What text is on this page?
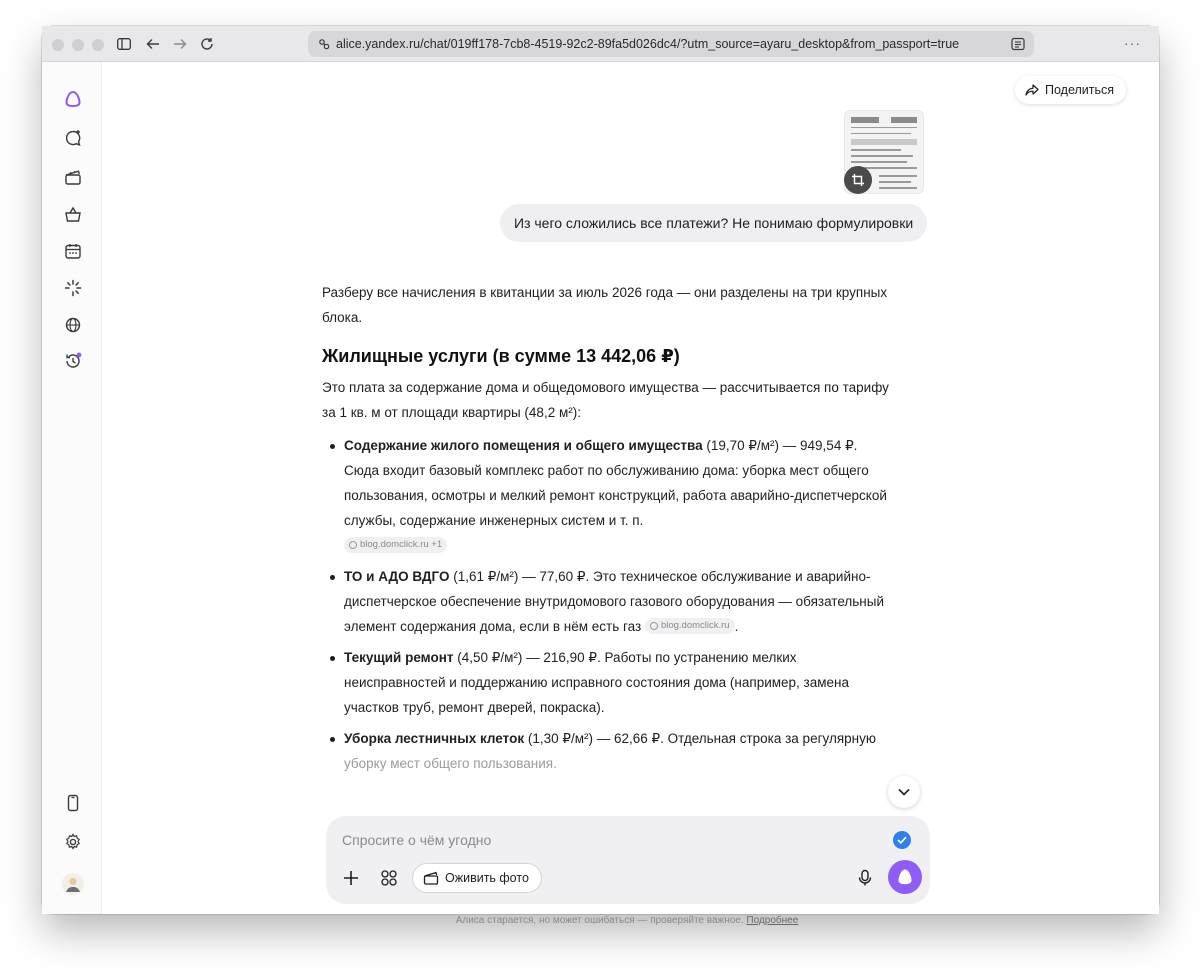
alice.yandex.ru/chat/019ff178-7cb8-4519-92c2-89fa5d026dc4/?utm_source=ayaru_desktop&from_passport=true	···
Поделиться
Из чего сложились все платежи? Не понимаю формулировки

Разберу все начисления в квитанции за июль 2026 года — они разделены на три крупных блока.

Жилищные услуги (в сумме 13 442,06 ₽)

Это плата за содержание дома и общедомового имущества — рассчитывается по тарифу за 1 кв. м от площади квартиры (48,2 м²):

Содержание жилого помещения и общего имущества (19,70 ₽/м²) — 949,54 ₽. Сюда входит базовый комплекс работ по обслуживанию дома: уборка мест общего пользования, осмотры и мелкий ремонт конструкций, работа аварийно-диспетчерской службы, содержание инженерных систем и т. п.

blog.domclick.ru +1
ТО и АДО ВДГО (1,61 ₽/м²) — 77,60 ₽. Это техническое обслуживание и аварийно-диспетчерское обеспечение внутридомового газового оборудования — обязательный элемент содержания дома, если в нём есть газ blog.domclick.ru .
Текущий ремонт (4,50 ₽/м²) — 216,90 ₽. Работы по устранению мелких неисправностей и поддержанию исправного состояния дома (например, замена участков труб, ремонт дверей, покраска).
Уборка лестничных клеток (1,30 ₽/м²) — 62,66 ₽. Отдельная строка за регулярную
уборку мест общего пользования.
Спросите о чём угодно
Оживить фото
Алиса старается, но может ошибаться — проверяйте важное. Подробнее
